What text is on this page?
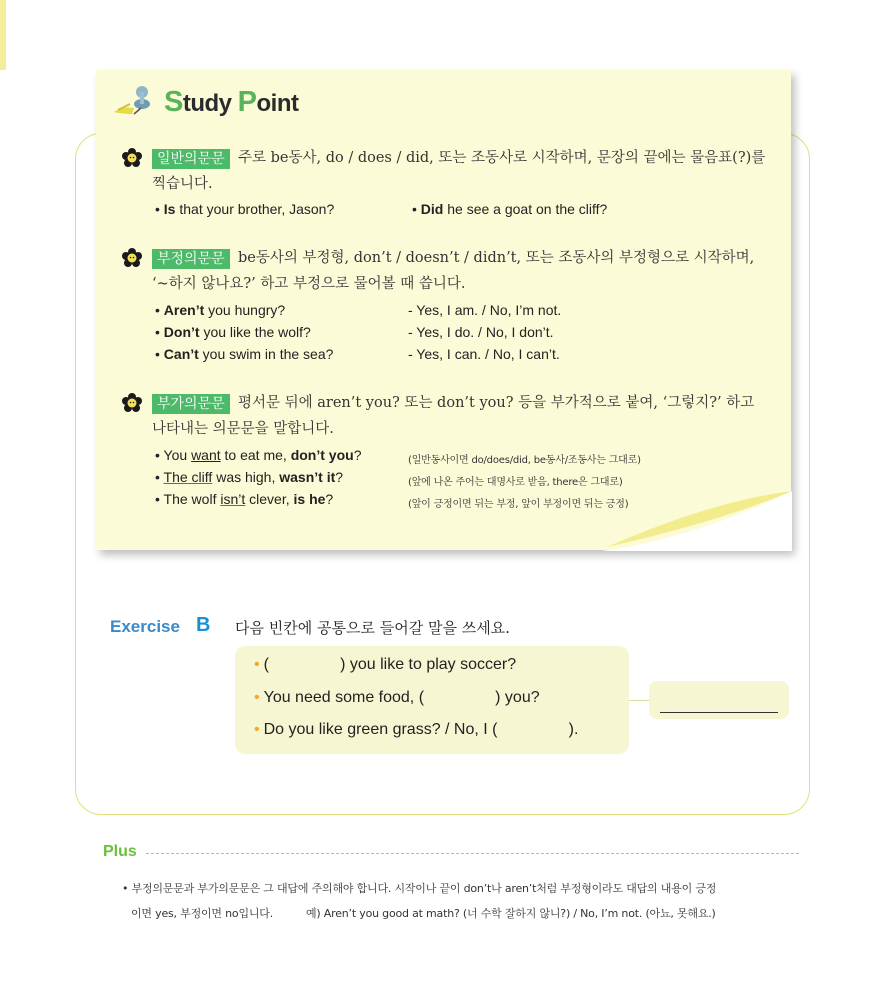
Study Point
일반의문문 주로 be동사, do / does / did, 또는 조동사로 시작하며, 문장의 끝에는 물음표(?)를 찍습니다.
• Is that your brother, Jason?	• Did he see a goat on the cliff?
부정의문문 be동사의 부정형, don’t / doesn’t / didn’t, 또는 조동사의 부정형으로 시작하며, ‘~하지 않나요?’ 하고 부정으로 물어볼 때 씁니다.
• Aren’t you hungry?	- Yes, I am. / No, I’m not.
• Don’t you like the wolf?	- Yes, I do. / No, I don’t.
• Can’t you swim in the sea?	- Yes, I can. / No, I can’t.
부가의문문 평서문 뒤에 aren’t you? 또는 don’t you? 등을 부가적으로 붙여, ‘그렇지?’ 하고 나타내는 의문문을 말합니다.
• You want to eat me, don’t you?	(일반동사이면 do/does/did, be동사/조동사는 그대로)
• The cliff was high, wasn’t it?	(앞에 나온 주어는 대명사로 받음, there은 그대로)
• The wolf isn’t clever, is he?	(앞이 긍정이면 뒤는 부정, 앞이 부정이면 뒤는 긍정)
Exercise B 다음 빈칸에 공통으로 들어갈 말을 쓰세요.
• (                ) you like to play soccer?
• You need some food, (                ) you?
• Do you like green grass? / No, I (                ).
Plus
• 부정의문문과 부가의문문은 그 대답에 주의해야 합니다. 시작이나 끝이 don’t나 aren’t처럼 부정형이라도 대답의 내용이 긍정
이면 yes, 부정이면 no입니다.          예) Aren’t you good at math? (너 수학 잘하지 않니?) / No, I’m not. (아뇨, 못해요.)
